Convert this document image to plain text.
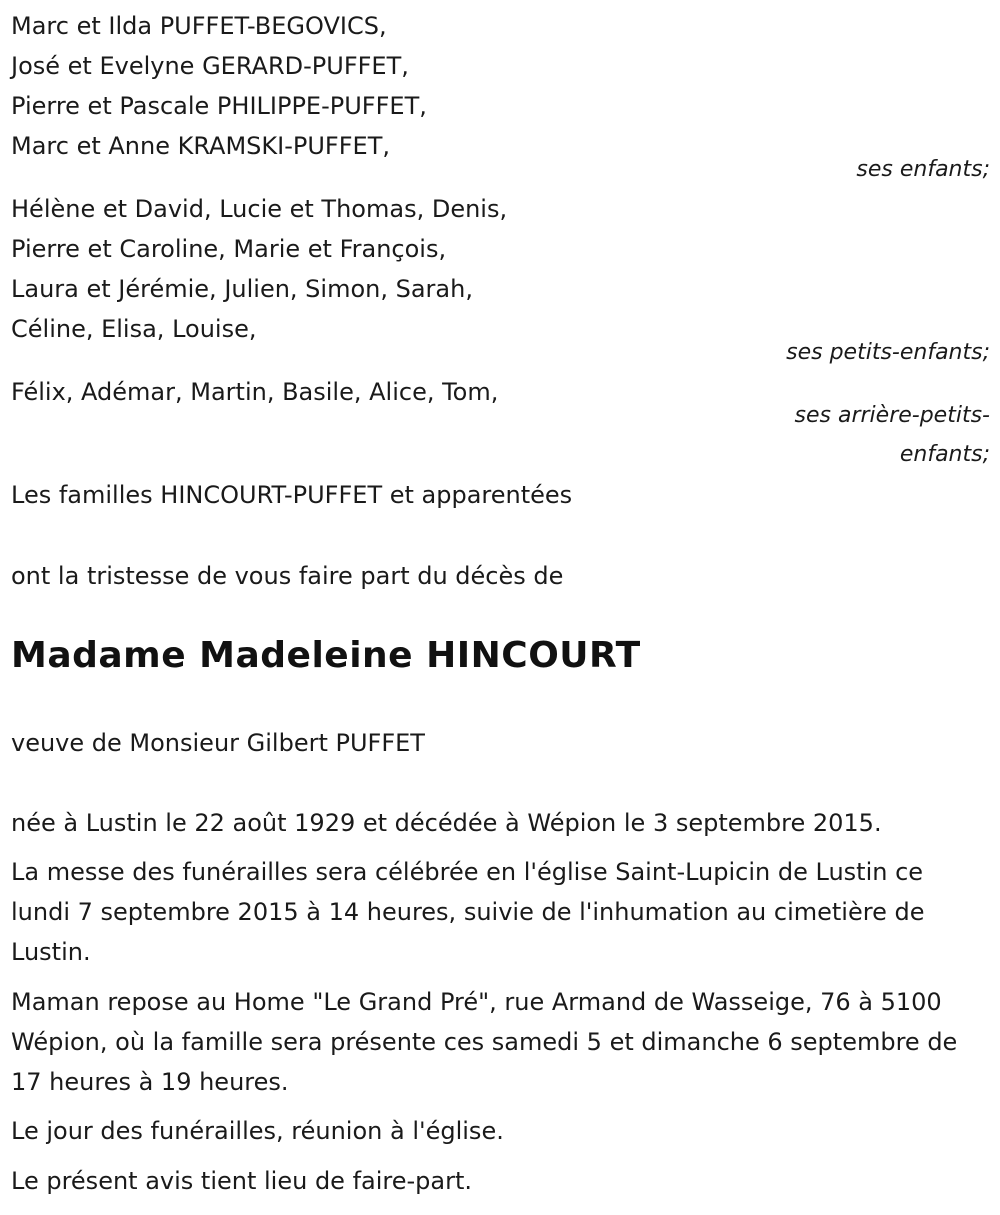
Marc et Ilda PUFFET-BEGOVICS,
José et Evelyne GERARD-PUFFET,
Pierre et Pascale PHILIPPE-PUFFET,
Marc et Anne KRAMSKI-PUFFET,
ses enfants;
Hélène et David, Lucie et Thomas, Denis,
Pierre et Caroline, Marie et François,
Laura et Jérémie, Julien, Simon, Sarah,
Céline, Elisa, Louise,
ses petits-enfants;
Félix, Adémar, Martin, Basile, Alice, Tom,
ses arrière-petits-
enfants;
Les familles HINCOURT-PUFFET et apparentées
ont la tristesse de vous faire part du décès de
Madame Madeleine HINCOURT
veuve de Monsieur Gilbert PUFFET
née à Lustin le 22 août 1929 et décédée à Wépion le 3 septembre 2015.
La messe des funérailles sera célébrée en l'église Saint-Lupicin de Lustin ce lundi 7 septembre 2015 à 14 heures, suivie de l'inhumation au cimetière de Lustin.
Maman repose au Home "Le Grand Pré", rue Armand de Wasseige, 76 à 5100 Wépion, où la famille sera présente ces samedi 5 et dimanche 6 septembre de 17 heures à 19 heures.
Le jour des funérailles, réunion à l'église.
Le présent avis tient lieu de faire-part.
